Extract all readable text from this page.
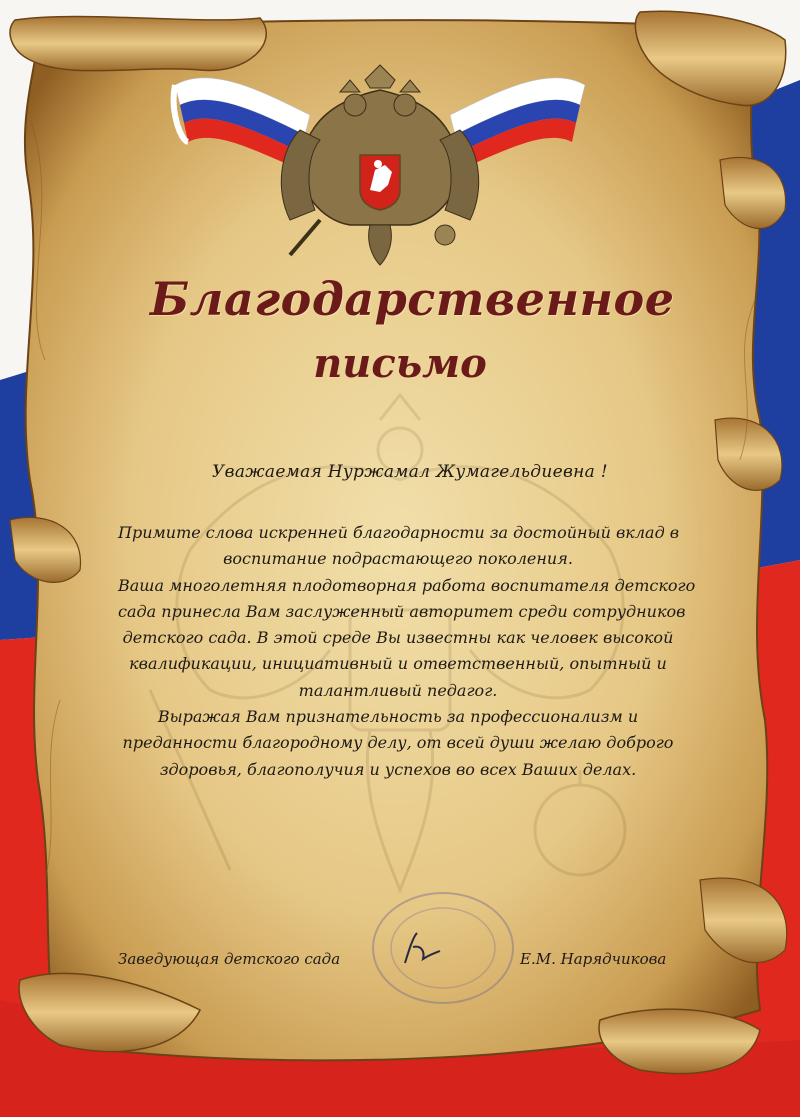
Благодарственное
письмо
Уважаемая Нуржамал Жумагельдиевна !
Примите слова искренней благодарности за достойный вклад в
воспитание подрастающего поколения.
Ваша многолетняя плодотворная работа воспитателя детского
сада принесла Вам заслуженный авторитет среди сотрудников
детского сада. В этой среде Вы известны как человек высокой
квалификации, инициативный и ответственный, опытный и
талантливый педагог.
Выражая Вам признательность за профессионализм и
преданности благородному делу, от всей души желаю доброго
здоровья, благополучия и успехов во всех Ваших делах.
Заведующая детского сада	Е.М. Нарядчикова
